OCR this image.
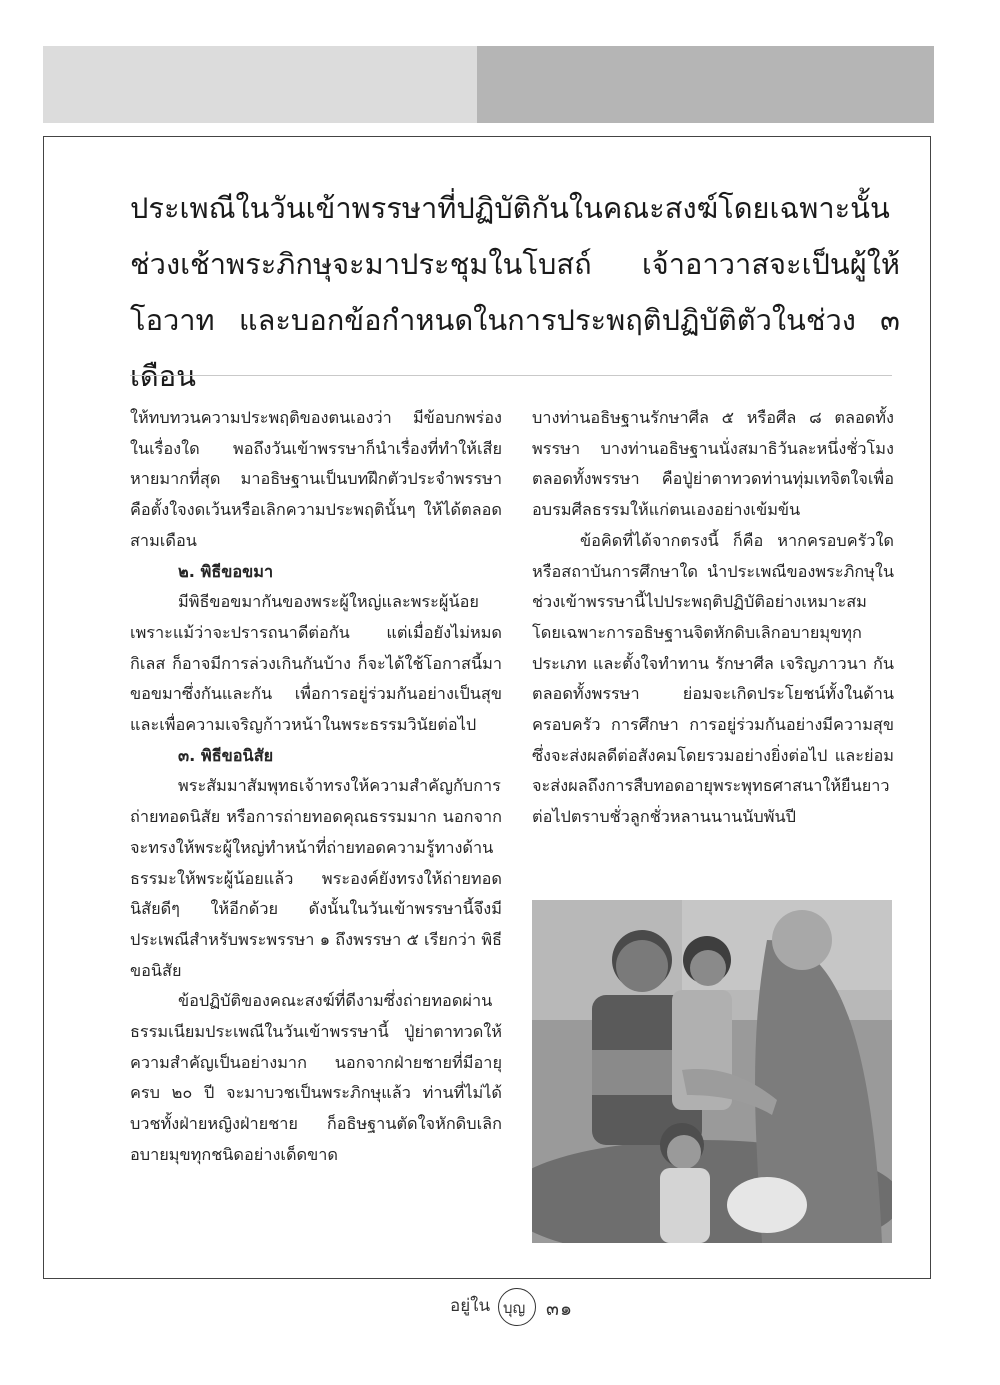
ประเพณีในวันเข้าพรรษาที่ปฏิบัติกันในคณะสงฆ์โดยเฉพาะนั้น ช่วงเช้าพระภิกษุจะมาประชุมในโบสถ์ เจ้าอาวาสจะเป็นผู้ให้โอวาท และบอกข้อกำหนดในการประพฤติปฏิบัติตัวในช่วง ๓ เดือน

ให้ทบทวนความประพฤติของตนเองว่า มีข้อบกพร่องในเรื่องใด พอถึงวันเข้าพรรษาก็นำเรื่องที่ทำให้เสียหายมากที่สุด มาอธิษฐานเป็นบทฝึกตัวประจำพรรษา คือตั้งใจงดเว้นหรือเลิกความประพฤตินั้นๆ ให้ได้ตลอดสามเดือน

๒. พิธีขอขมา

มีพิธีขอขมากันของพระผู้ใหญ่และพระผู้น้อย เพราะแม้ว่าจะปรารถนาดีต่อกัน แต่เมื่อยังไม่หมดกิเลส ก็อาจมีการล่วงเกินกันบ้าง ก็จะได้ใช้โอกาสนี้มาขอขมาซึ่งกันและกัน เพื่อการอยู่ร่วมกันอย่างเป็นสุขและเพื่อความเจริญก้าวหน้าในพระธรรมวินัยต่อไป

๓. พิธีขอนิสัย

พระสัมมาสัมพุทธเจ้าทรงให้ความสำคัญกับการถ่ายทอดนิสัย หรือการถ่ายทอดคุณธรรมมาก นอกจากจะทรงให้พระผู้ใหญ่ทำหน้าที่ถ่ายทอดความรู้ทางด้านธรรมะให้พระผู้น้อยแล้ว พระองค์ยังทรงให้ถ่ายทอดนิสัยดีๆ ให้อีกด้วย ดังนั้นในวันเข้าพรรษานี้จึงมีประเพณีสำหรับพระพรรษา ๑ ถึงพรรษา ๕ เรียกว่า พิธีขอนิสัย

ข้อปฏิบัติของคณะสงฆ์ที่ดีงามซึ่งถ่ายทอดผ่านธรรมเนียมประเพณีในวันเข้าพรรษานี้ ปู่ย่าตาทวดให้ความสำคัญเป็นอย่างมาก นอกจากฝ่ายชายที่มีอายุครบ ๒๐ ปี จะมาบวชเป็นพระภิกษุแล้ว ท่านที่ไม่ได้บวชทั้งฝ่ายหญิงฝ่ายชาย ก็อธิษฐานตัดใจหักดิบเลิกอบายมุขทุกชนิดอย่างเด็ดขาด

บางท่านอธิษฐานรักษาศีล ๕ หรือศีล ๘ ตลอดทั้งพรรษา บางท่านอธิษฐานนั่งสมาธิวันละหนึ่งชั่วโมงตลอดทั้งพรรษา คือปู่ย่าตาทวดท่านทุ่มเทจิตใจเพื่ออบรมศีลธรรมให้แก่ตนเองอย่างเข้มข้น

ข้อคิดที่ได้จากตรงนี้ ก็คือ หากครอบครัวใดหรือสถาบันการศึกษาใด นำประเพณีของพระภิกษุในช่วงเข้าพรรษานี้ไปประพฤติปฏิบัติอย่างเหมาะสม โดยเฉพาะการอธิษฐานจิตหักดิบเลิกอบายมุขทุกประเภท และตั้งใจทำทาน รักษาศีล เจริญภาวนา กันตลอดทั้งพรรษา ย่อมจะเกิดประโยชน์ทั้งในด้านครอบครัว การศึกษา การอยู่ร่วมกันอย่างมีความสุข ซึ่งจะส่งผลดีต่อสังคมโดยรวมอย่างยิ่งต่อไป และย่อมจะส่งผลถึงการสืบทอดอายุพระพุทธศาสนาให้ยืนยาวต่อไปตราบชั่วลูกชั่วหลานนานนับพันปี

อยู่ใน บุญ ๓๑
